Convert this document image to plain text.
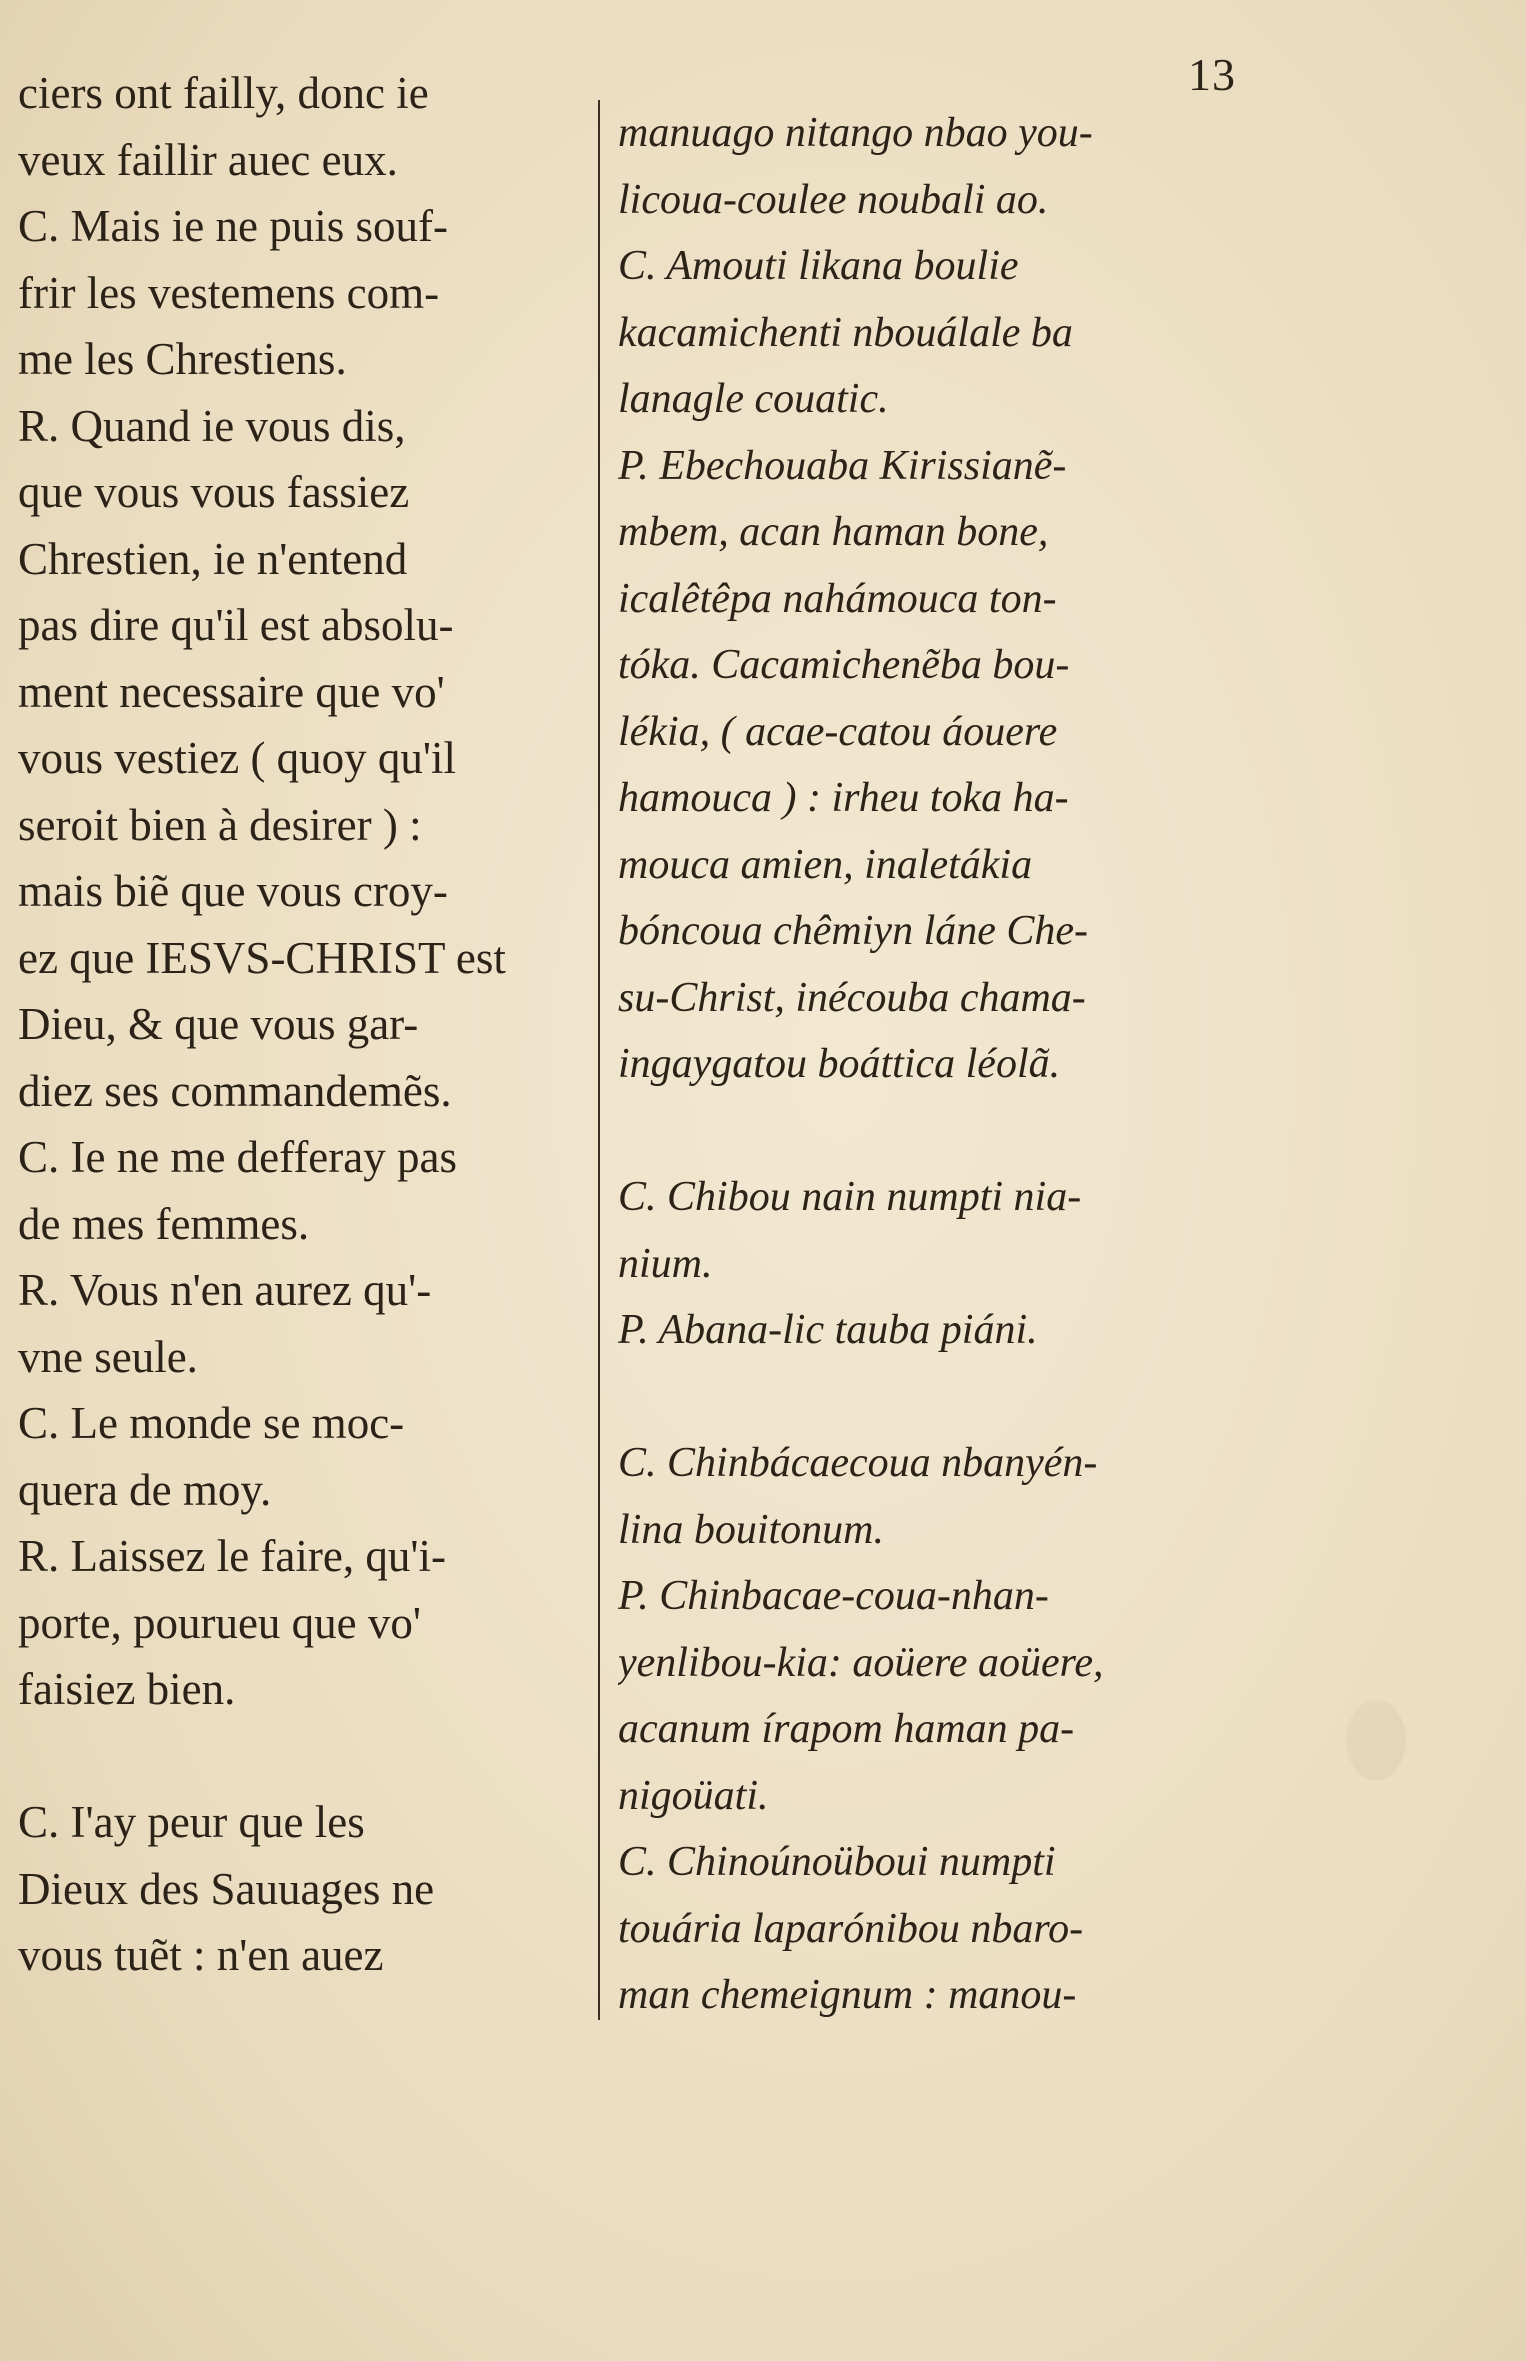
13
ciers ont failly, donc ie
veux faillir auec eux.
C. Mais ie ne puis souf-
frir les vestemens com-
me les Chrestiens.
R. Quand ie vous dis,
que vous vous fassiez
Chrestien, ie n'entend
pas dire qu'il est absolu-
ment necessaire que vo'
vous vestiez ( quoy qu'il
seroit bien à desirer ) :
mais biẽ que vous croy-
ez que IESVS-CHRIST est
Dieu, & que vous gar-
diez ses commandemẽs.
C. Ie ne me defferay pas
de mes femmes.
R. Vous n'en aurez qu'-
vne seule.
C. Le monde se moc-
quera de moy.
R. Laissez le faire, qu'i-
porte, pourueu que vo'
faisiez bien.
C. I'ay peur que les
Dieux des Sauuages ne
vous tuẽt : n'en auez
manuago nitango nbao you-
licoua-coulee noubali ao.
C. Amouti likana boulie
kacamichenti nbouálale ba
lanagle couatic.
P. Ebechouaba Kirissianẽ-
mbem, acan haman bone,
icalêtêpa nahámouca ton-
tóka. Cacamichenẽba bou-
lékia, ( acae-catou áouere
hamouca ) : irheu toka ha-
mouca amien, inaletákia
bóncoua chêmiyn láne Che-
su-Christ, inécouba chama-
ingaygatou boáttica léolã.
C. Chibou nain numpti nia-
nium.
P. Abana-lic tauba piáni.
C. Chinbácaecoua nbanyén-
lina bouitonum.
P. Chinbacae-coua-nhan-
yenlibou-kia: aoüere aoüere,
acanum írapom haman pa-
nigoüati.
C. Chinoúnoüboui numpti
touária laparónibou nbaro-
man chemeignum : manou-
